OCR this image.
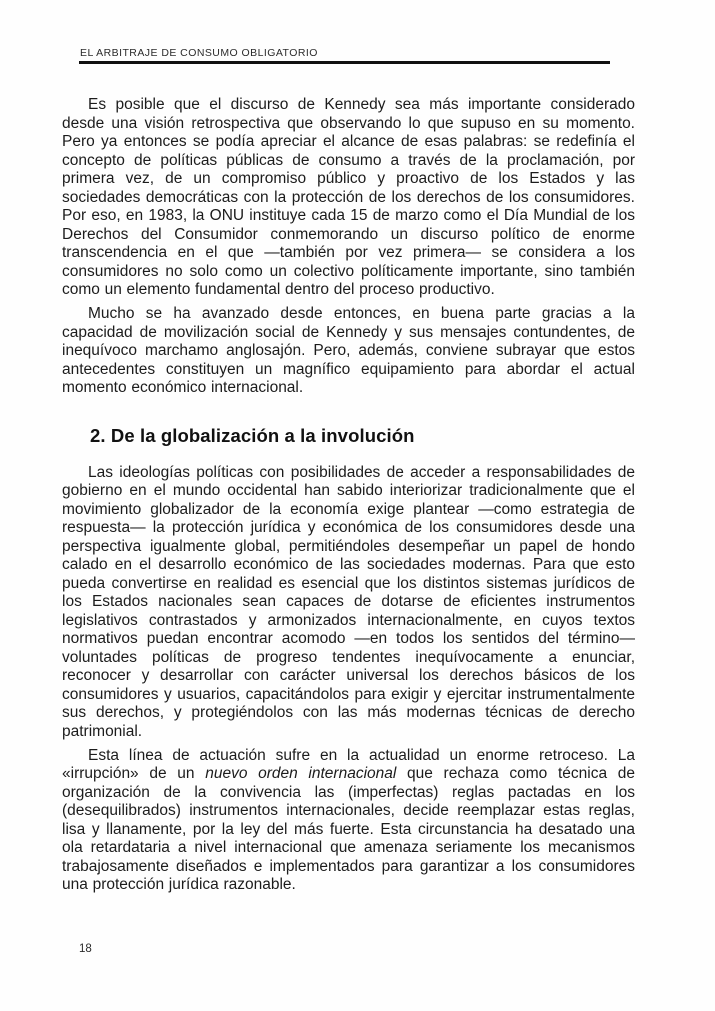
EL ARBITRAJE DE CONSUMO OBLIGATORIO

Es posible que el discurso de Kennedy sea más importante considerado desde una visión retrospectiva que observando lo que supuso en su momento. Pero ya entonces se podía apreciar el alcance de esas palabras: se redefinía el concepto de políticas públicas de consumo a través de la proclamación, por primera vez, de un compromiso público y proactivo de los Estados y las sociedades democráticas con la protección de los derechos de los consumidores. Por eso, en 1983, la ONU instituye cada 15 de marzo como el Día Mundial de los Derechos del Consumidor conmemorando un discurso político de enorme transcendencia en el que —también por vez primera— se considera a los consumidores no solo como un colectivo políticamente importante, sino también como un elemento fundamental dentro del proceso productivo.

Mucho se ha avanzado desde entonces, en buena parte gracias a la capacidad de movilización social de Kennedy y sus mensajes contundentes, de inequívoco marchamo anglosajón. Pero, además, conviene subrayar que estos antecedentes constituyen un magnífico equipamiento para abordar el actual momento económico internacional.

2. De la globalización a la involución

Las ideologías políticas con posibilidades de acceder a responsabilidades de gobierno en el mundo occidental han sabido interiorizar tradicionalmente que el movimiento globalizador de la economía exige plantear —como estrategia de respuesta— la protección jurídica y económica de los consumidores desde una perspectiva igualmente global, permitiéndoles desempeñar un papel de hondo calado en el desarrollo económico de las sociedades modernas. Para que esto pueda convertirse en realidad es esencial que los distintos sistemas jurídicos de los Estados nacionales sean capaces de dotarse de eficientes instrumentos legislativos contrastados y armonizados internacionalmente, en cuyos textos normativos puedan encontrar acomodo —en todos los sentidos del término— voluntades políticas de progreso tendentes inequívocamente a enunciar, reconocer y desarrollar con carácter universal los derechos básicos de los consumidores y usuarios, capacitándolos para exigir y ejercitar instrumentalmente sus derechos, y protegiéndolos con las más modernas técnicas de derecho patrimonial.

Esta línea de actuación sufre en la actualidad un enorme retroceso. La «irrupción» de un nuevo orden internacional que rechaza como técnica de organización de la convivencia las (imperfectas) reglas pactadas en los (desequilibrados) instrumentos internacionales, decide reemplazar estas reglas, lisa y llanamente, por la ley del más fuerte. Esta circunstancia ha desatado una ola retardataria a nivel internacional que amenaza seriamente los mecanismos trabajosamente diseñados e implementados para garantizar a los consumidores una protección jurídica razonable.

18
